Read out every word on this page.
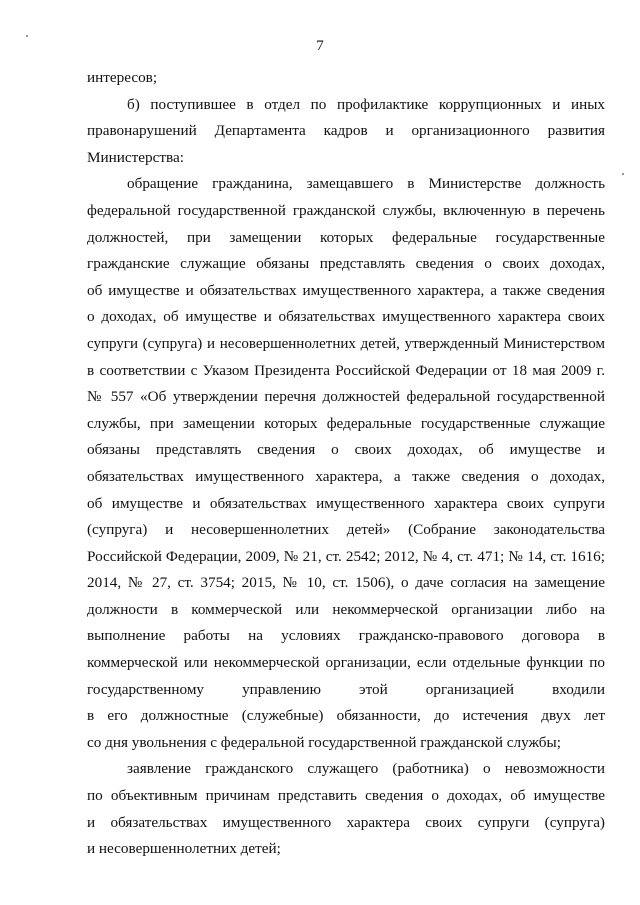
7
интересов;
б) поступившее в отдел по профилактике коррупционных и иных
правонарушений Департамента кадров и организационного развития
Министерства:
обращение гражданина, замещавшего в Министерстве должность
федеральной государственной гражданской службы, включенную в перечень
должностей, при замещении которых федеральные государственные
гражданские служащие обязаны представлять сведения о своих доходах,
об имуществе и обязательствах имущественного характера, а также сведения
о доходах, об имуществе и обязательствах имущественного характера своих
супруги (супруга) и несовершеннолетних детей, утвержденный Министерством
в соответствии с Указом Президента Российской Федерации от 18 мая 2009 г.
№ 557 «Об утверждении перечня должностей федеральной государственной
службы, при замещении которых федеральные государственные служащие
обязаны представлять сведения о своих доходах, об имуществе и
обязательствах имущественного характера, а также сведения о доходах,
об имуществе и обязательствах имущественного характера своих супруги
(супруга) и несовершеннолетних детей» (Собрание законодательства
Российской Федерации, 2009, № 21, ст. 2542; 2012, № 4, ст. 471; № 14, ст. 1616;
2014, № 27, ст. 3754; 2015, № 10, ст. 1506), о даче согласия на замещение
должности в коммерческой или некоммерческой организации либо на
выполнение работы на условиях гражданско-правового договора в
коммерческой или некоммерческой организации, если отдельные функции по
государственному управлению этой организацией входили
в его должностные (служебные) обязанности, до истечения двух лет
со дня увольнения с федеральной государственной гражданской службы;
заявление гражданского служащего (работника) о невозможности
по объективным причинам представить сведения о доходах, об имуществе
и обязательствах имущественного характера своих супруги (супруга)
и несовершеннолетних детей;
